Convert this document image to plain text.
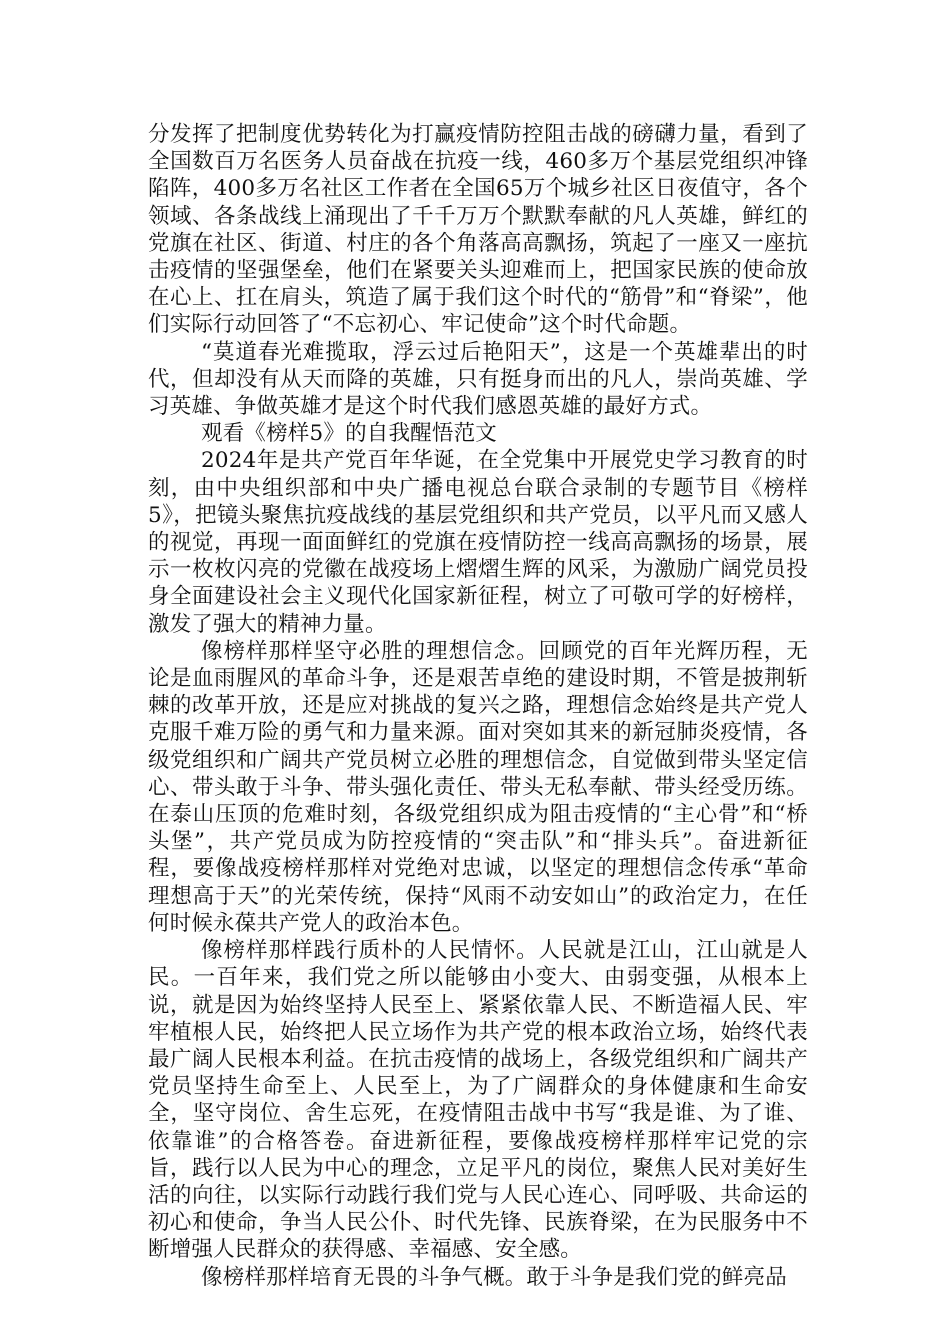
分发挥了把制度优势转化为打赢疫情防控阻击战的磅礴力量，看到了全国数百万名医务人员奋战在抗疫一线，460多万个基层党组织冲锋陷阵，400多万名社区工作者在全国65万个城乡社区日夜值守，各个领域、各条战线上涌现出了千千万万个默默奉献的凡人英雄，鲜红的党旗在社区、街道、村庄的各个角落高高飘扬，筑起了一座又一座抗击疫情的坚强堡垒，他们在紧要关头迎难而上，把国家民族的使命放在心上、扛在肩头，筑造了属于我们这个时代的“筋骨”和“脊梁”，他们实际行动回答了“不忘初心、牢记使命”这个时代命题。

“莫道春光难揽取，浮云过后艳阳天”，这是一个英雄辈出的时代，但却没有从天而降的英雄，只有挺身而出的凡人，崇尚英雄、学习英雄、争做英雄才是这个时代我们感恩英雄的最好方式。

观看《榜样5》的自我醒悟范文

2024年是共产党百年华诞，在全党集中开展党史学习教育的时刻，由中央组织部和中央广播电视总台联合录制的专题节目《榜样5》，把镜头聚焦抗疫战线的基层党组织和共产党员，以平凡而又感人的视觉，再现一面面鲜红的党旗在疫情防控一线高高飘扬的场景，展示一枚枚闪亮的党徽在战疫场上熠熠生辉的风采，为激励广阔党员投身全面建设社会主义现代化国家新征程，树立了可敬可学的好榜样，激发了强大的精神力量。

像榜样那样坚守必胜的理想信念。回顾党的百年光辉历程，无论是血雨腥风的革命斗争，还是艰苦卓绝的建设时期，不管是披荆斩棘的改革开放，还是应对挑战的复兴之路，理想信念始终是共产党人克服千难万险的勇气和力量来源。面对突如其来的新冠肺炎疫情，各级党组织和广阔共产党员树立必胜的理想信念，自觉做到带头坚定信心、带头敢于斗争、带头强化责任、带头无私奉献、带头经受历练。在泰山压顶的危难时刻，各级党组织成为阻击疫情的“主心骨”和“桥头堡”，共产党员成为防控疫情的“突击队”和“排头兵”。奋进新征程，要像战疫榜样那样对党绝对忠诚，以坚定的理想信念传承“革命理想高于天”的光荣传统，保持“风雨不动安如山”的政治定力，在任何时候永葆共产党人的政治本色。

像榜样那样践行质朴的人民情怀。人民就是江山，江山就是人民。一百年来，我们党之所以能够由小变大、由弱变强，从根本上说，就是因为始终坚持人民至上、紧紧依靠人民、不断造福人民、牢牢植根人民，始终把人民立场作为共产党的根本政治立场，始终代表最广阔人民根本利益。在抗击疫情的战场上，各级党组织和广阔共产党员坚持生命至上、人民至上，为了广阔群众的身体健康和生命安全，坚守岗位、舍生忘死，在疫情阻击战中书写“我是谁、为了谁、依靠谁”的合格答卷。奋进新征程，要像战疫榜样那样牢记党的宗旨，践行以人民为中心的理念，立足平凡的岗位，聚焦人民对美好生活的向往，以实际行动践行我们党与人民心连心、同呼吸、共命运的初心和使命，争当人民公仆、时代先锋、民族脊梁，在为民服务中不断增强人民群众的获得感、幸福感、安全感。

像榜样那样培育无畏的斗争气概。敢于斗争是我们党的鲜亮品
